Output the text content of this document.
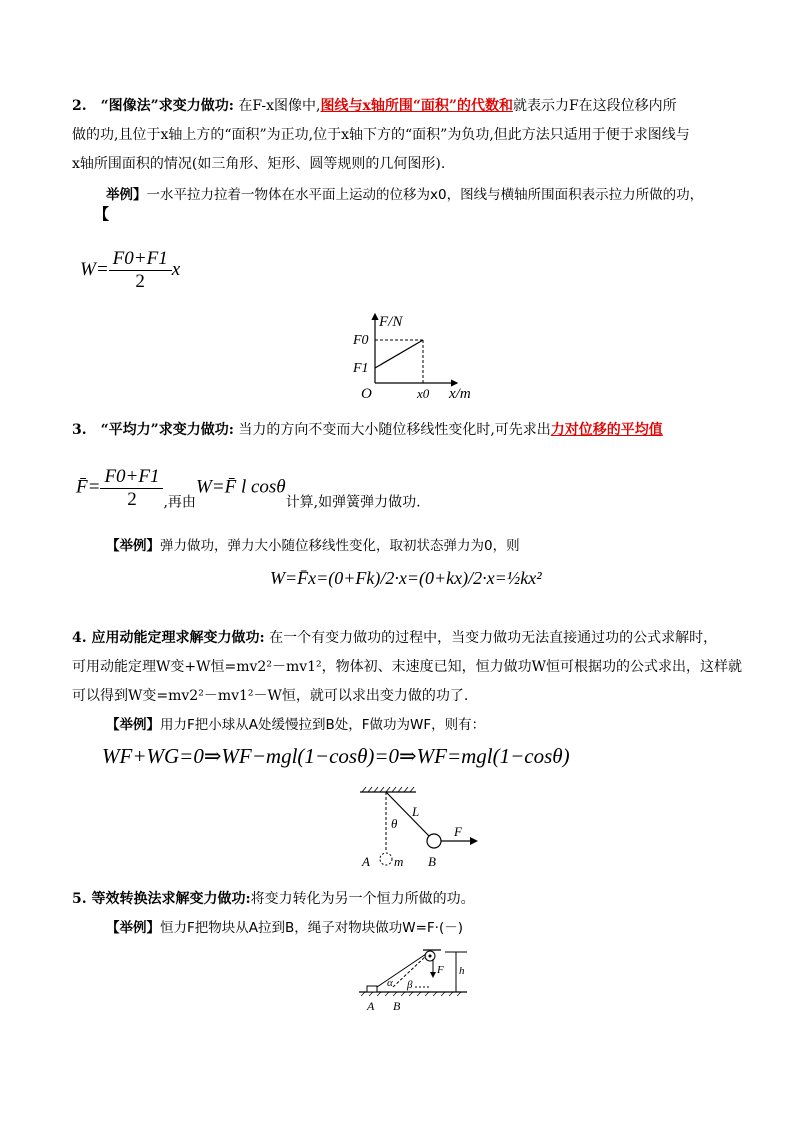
2.　“图像法”求变力做功: 在F-x图像中,图线与x轴所围“面积”的代数和就表示力F在这段位移内所
做的功,且位于x轴上方的“面积”为正功,位于x轴下方的“面积”为负功,但此方法只适用于便于求图线与
x轴所围面积的情况(如三角形、矩形、圆等规则的几何图形).
举例】一水平拉力拉着一物体在水平面上运动的位移为x0，图线与横轴所围面积表示拉力所做的功，
【
$W= \frac{F0+F1}{2}$ x
F/N
F0
F1
O	x0 x/m
3.　“平均力”求变力做功: 当力的方向不变而大小随位移线性变化时,可先求出力对位移的平均值
F̄= $\frac{F0+F1}{2}$ ,再由W=F̄ l cosθ计算,如弹簧弹力做功.
【举例】弹力做功，弹力大小随位移线性变化，取初状态弹力为0，则
W=F̄x=(0+Fk)/2·x=(0+kx)/2·x=½kx²
4. 应用动能定理求解变力做功: 在一个有变力做功的过程中，当变力做功无法直接通过功的公式求解时，
可用动能定理W变+W恒=mv2²－mv1²，物体初、末速度已知，恒力做功W恒可根据功的公式求出，这样就
可以得到W变=mv2²－mv1²－W恒，就可以求出变力做的功了.
【举例】用力F把小球从A处缓慢拉到B处，F做功为WF，则有：
WF+WG=0⇒WF−mgl(1−cosθ)=0⇒WF=mgl(1−cosθ)
θ
L
F
A m B
5. 等效转换法求解变力做功:将变力转化为另一个恒力所做的功。
【举例】恒力F把物块从A拉到B，绳子对物块做功W=F·(－)
α β
F h
A B
